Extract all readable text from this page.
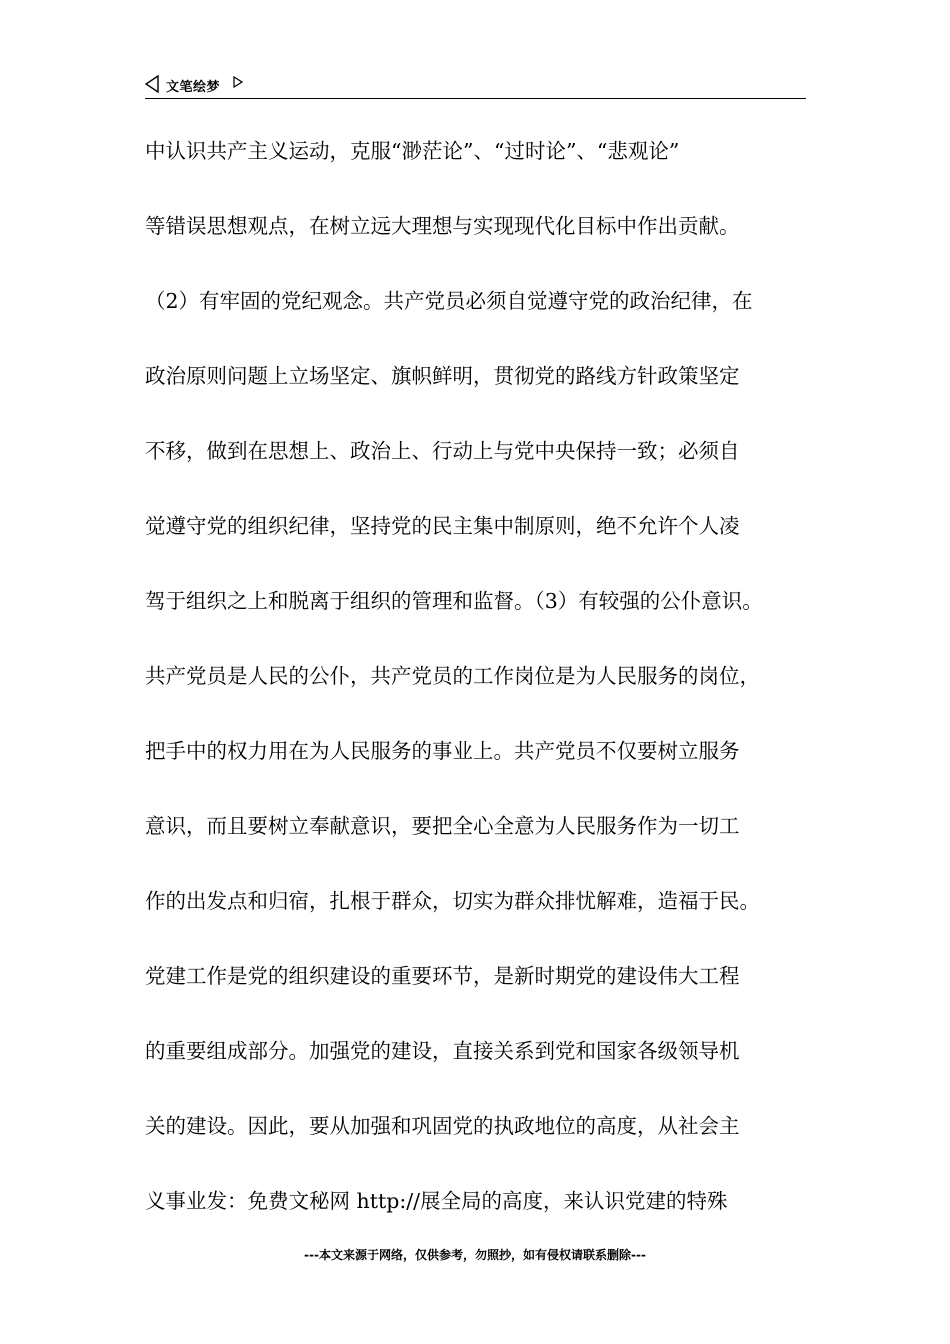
文笔绘梦
中认识共产主义运动，克服“渺茫论”、“过时论”、“悲观论”
等错误思想观点，在树立远大理想与实现现代化目标中作出贡献。
（2）有牢固的党纪观念。共产党员必须自觉遵守党的政治纪律，在
政治原则问题上立场坚定、旗帜鲜明，贯彻党的路线方针政策坚定
不移，做到在思想上、政治上、行动上与党中央保持一致；必须自
觉遵守党的组织纪律，坚持党的民主集中制原则，绝不允许个人凌
驾于组织之上和脱离于组织的管理和监督。（3）有较强的公仆意识。
共产党员是人民的公仆，共产党员的工作岗位是为人民服务的岗位，
把手中的权力用在为人民服务的事业上。共产党员不仅要树立服务
意识，而且要树立奉献意识，要把全心全意为人民服务作为一切工
作的出发点和归宿，扎根于群众，切实为群众排忧解难，造福于民。
党建工作是党的组织建设的重要环节，是新时期党的建设伟大工程
的重要组成部分。加强党的建设，直接关系到党和国家各级领导机
关的建设。因此，要从加强和巩固党的执政地位的高度，从社会主
义事业发：免费文秘网 http://展全局的高度，来认识党建的特殊
---本文来源于网络，仅供参考，勿照抄，如有侵权请联系删除---
